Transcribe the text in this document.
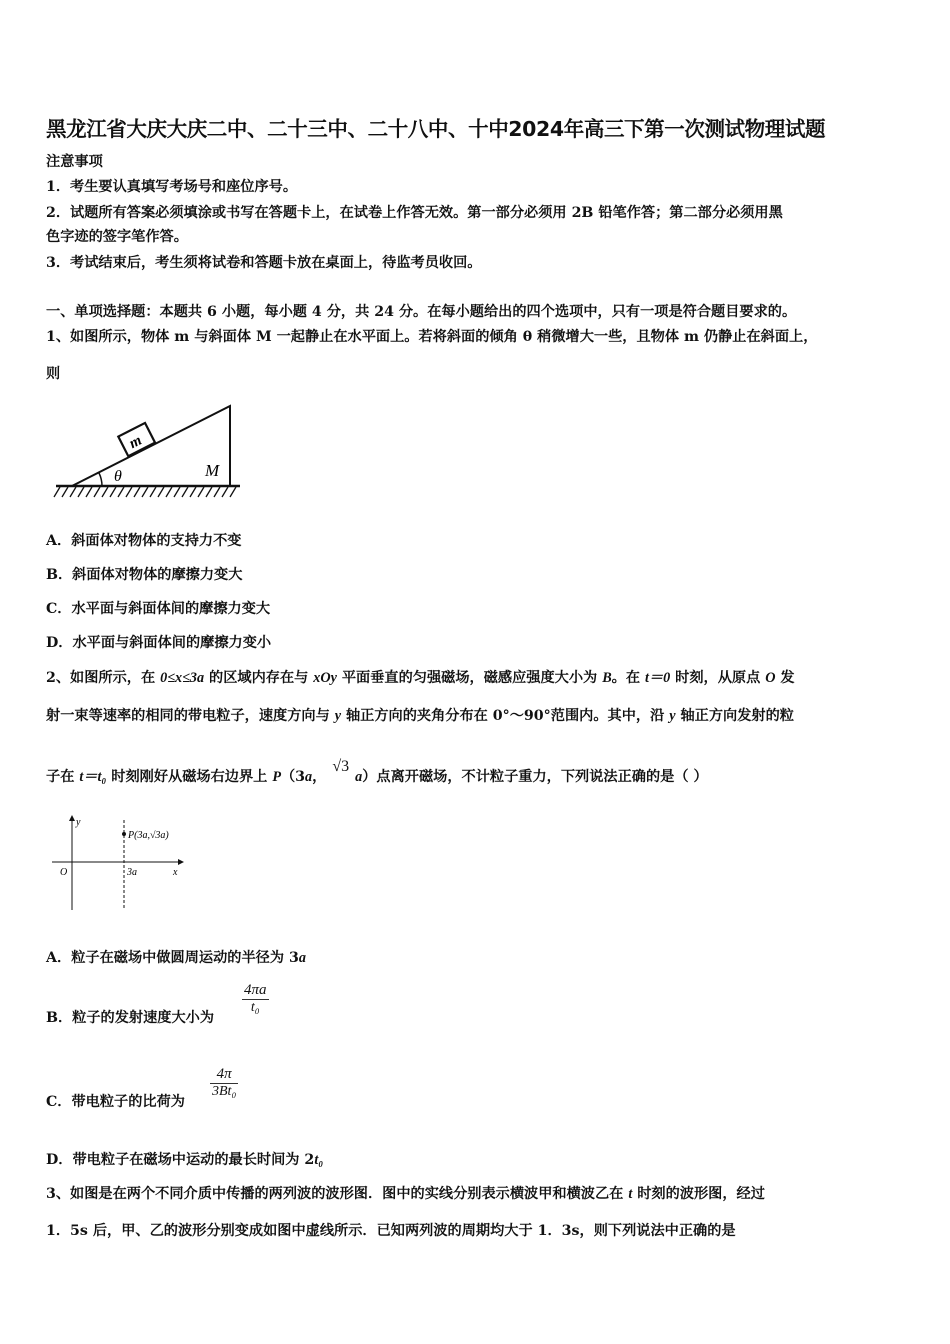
黑龙江省大庆大庆二中、二十三中、二十八中、十中2024年高三下第一次测试物理试题
注意事项
1．考生要认真填写考场号和座位序号。
2．试题所有答案必须填涂或书写在答题卡上，在试卷上作答无效。第一部分必须用 2B 铅笔作答；第二部分必须用黑
色字迹的签字笔作答。
3．考试结束后，考生须将试卷和答题卡放在桌面上，待监考员收回。
一、单项选择题：本题共 6 小题，每小题 4 分，共 24 分。在每小题给出的四个选项中，只有一项是符合题目要求的。
1、如图所示，物体 m 与斜面体 M 一起静止在水平面上。若将斜面的倾角 θ 稍微增大一些，且物体 m 仍静止在斜面上，
则
m
θ	M
A．斜面体对物体的支持力不变
B．斜面体对物体的摩擦力变大
C．水平面与斜面体间的摩擦力变大
D．水平面与斜面体间的摩擦力变小
2、如图所示，在 0≤x≤3a 的区域内存在与 xOy 平面垂直的匀强磁场，磁感应强度大小为 B。在 t＝0 时刻，从原点 O 发
射一束等速率的相同的带电粒子，速度方向与 y 轴正方向的夹角分布在 0°～90°范围内。其中，沿 y 轴正方向发射的粒
子在 t＝t₀ 时刻刚好从磁场右边界上 P（3a，√3a）点离开磁场，不计粒子重力，下列说法正确的是（ ）
y
x
O	3a
P(3a,√3a)
A．粒子在磁场中做圆周运动的半径为 3a
B．粒子的发射速度大小为
4πa
t₀
C．带电粒子的比荷为
4π
3Bt₀
D．带电粒子在磁场中运动的最长时间为 2t₀
3、如图是在两个不同介质中传播的两列波的波形图．图中的实线分别表示横波甲和横波乙在 t 时刻的波形图，经过
1．5s 后，甲、乙的波形分别变成如图中虚线所示．已知两列波的周期均大于 1．3s，则下列说法中正确的是
